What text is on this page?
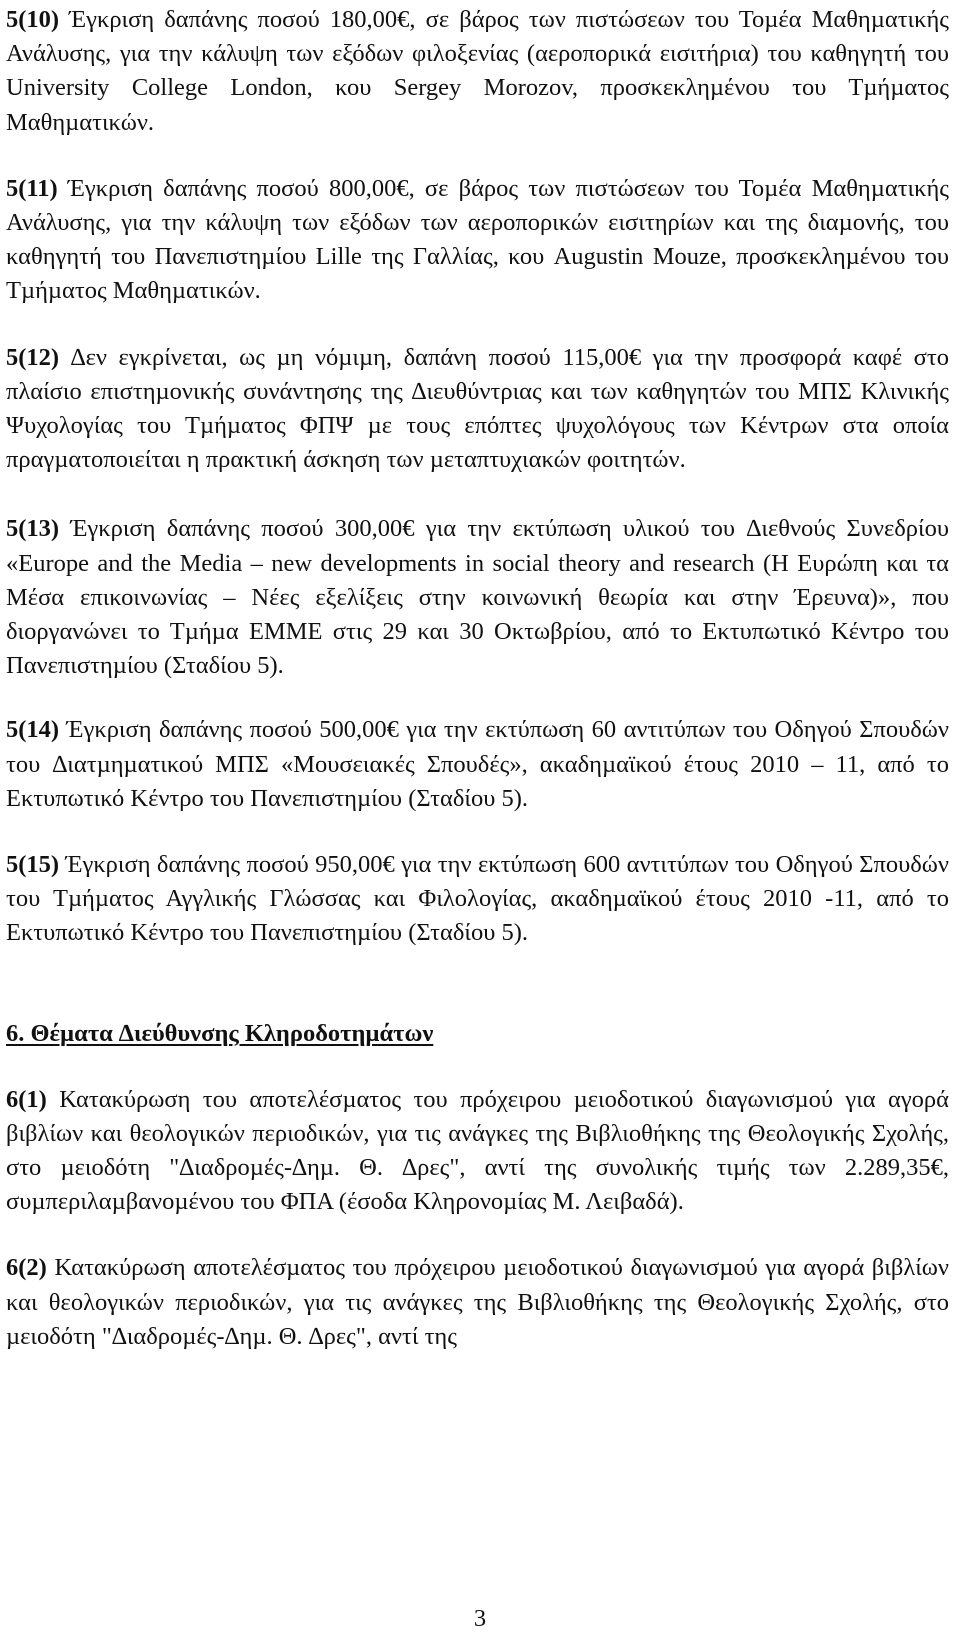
5(10) Έγκριση δαπάνης ποσού 180,00€, σε βάρος των πιστώσεων του Τοµέα Μαθηµατικής Ανάλυσης, για την κάλυψη των εξόδων φιλοξενίας (αεροπορικά εισιτήρια) του καθηγητή του University College London, κου Sergey Morozov, προσκεκληµένου του Τµήµατος Μαθηµατικών.

5(11) Έγκριση δαπάνης ποσού 800,00€, σε βάρος των πιστώσεων του Τοµέα Μαθηµατικής Ανάλυσης, για την κάλυψη των εξόδων των αεροπορικών εισιτηρίων και της διαµονής, του καθηγητή του Πανεπιστηµίου Lille της Γαλλίας, κου Augustin Mouze, προσκεκληµένου του Τµήµατος Μαθηµατικών.

5(12) ∆εν εγκρίνεται, ως µη νόµιµη, δαπάνη ποσού 115,00€ για την προσφορά καφέ στο πλαίσιο επιστηµονικής συνάντησης της ∆ιευθύντριας και των καθηγητών του ΜΠΣ Κλινικής Ψυχολογίας του Τµήµατος ΦΠΨ µε τους επόπτες ψυχολόγους των Κέντρων στα οποία πραγµατοποιείται η πρακτική άσκηση των µεταπτυχιακών φοιτητών.

5(13) Έγκριση δαπάνης ποσού 300,00€ για την εκτύπωση υλικού του ∆ιεθνούς Συνεδρίου «Europe and the Media – new developments in social theory and research (Η Ευρώπη και τα Μέσα επικοινωνίας – Νέες εξελίξεις στην κοινωνική θεωρία και στην Έρευνα)», που διοργανώνει το Τµήµα ΕΜΜΕ στις 29 και 30 Οκτωβρίου, από το Εκτυπωτικό Κέντρο του Πανεπιστηµίου (Σταδίου 5).

5(14) Έγκριση δαπάνης ποσού 500,00€ για την εκτύπωση 60 αντιτύπων του Οδηγού Σπουδών του ∆ιατµηµατικού ΜΠΣ «Μουσειακές Σπουδές», ακαδηµαϊκού έτους 2010 – 11, από το Εκτυπωτικό Κέντρο του Πανεπιστηµίου (Σταδίου 5).

5(15) Έγκριση δαπάνης ποσού 950,00€ για την εκτύπωση 600 αντιτύπων του Οδηγού Σπουδών του Τµήµατος Αγγλικής Γλώσσας και Φιλολογίας, ακαδηµαϊκού έτους 2010 -11, από το Εκτυπωτικό Κέντρο του Πανεπιστηµίου (Σταδίου 5).

6. Θέµατα ∆ιεύθυνσης Κληροδοτηµάτων

6(1) Κατακύρωση του αποτελέσµατος του πρόχειρου µειοδοτικού διαγωνισµού για αγορά βιβλίων και θεολογικών περιοδικών, για τις ανάγκες της Βιβλιοθήκης της Θεολογικής Σχολής, στο µειοδότη "∆ιαδροµές-∆ηµ. Θ. ∆ρες", αντί της συνολικής τιµής των 2.289,35€, συµπεριλαµβανοµένου του ΦΠΑ (έσοδα Κληρονοµίας Μ. Λειβαδά).

6(2) Κατακύρωση αποτελέσµατος του πρόχειρου µειοδοτικού διαγωνισµού για αγορά βιβλίων και θεολογικών περιοδικών, για τις ανάγκες της Βιβλιοθήκης της Θεολογικής Σχολής, στο µειοδότη "∆ιαδροµές-∆ηµ. Θ. ∆ρες", αντί της

3
